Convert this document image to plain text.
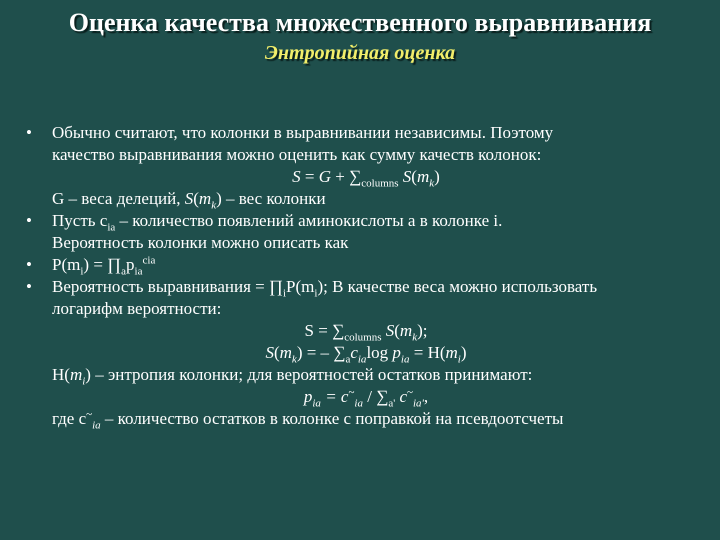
Оценка качества множественного выравнивания
Энтропийная оценка
• Обычно считают, что колонки в выравнивании независимы. Поэтому
качество выравнивания можно оценить как сумму качеств колонок:
$S = G + \sum_{columns}$ $S(m_k)$
G – веса делеций, $S(m_k)$ – вес колонки
• Пусть $c_{ia}$ – количество появлений аминокислоты a в колонке i.
Вероятность колонки можно описать как
• $P(m_i)$ = $\prod_ap_{ia}^{cia}$
• Вероятность выравнивания = $\prod_iP(m_i)$; В качестве веса можно использовать
логарифм вероятности:
$S = \sum_{columns}$ $S(m_k)$;
$S(m_k)$ = – $\sum_ac_{ia}\log$ $p_{ia} = H(m_i)$
$H(m_i)$ – энтропия колонки; для вероятностей остатков принимают:
$p_{ia} = c^\sim_{ia} / \sum_{a'}$ $c^\sim_{ia'}$,
где $c^\sim_{ia}$ – количество остатков в колонке с поправкой на псевдоотсчеты
